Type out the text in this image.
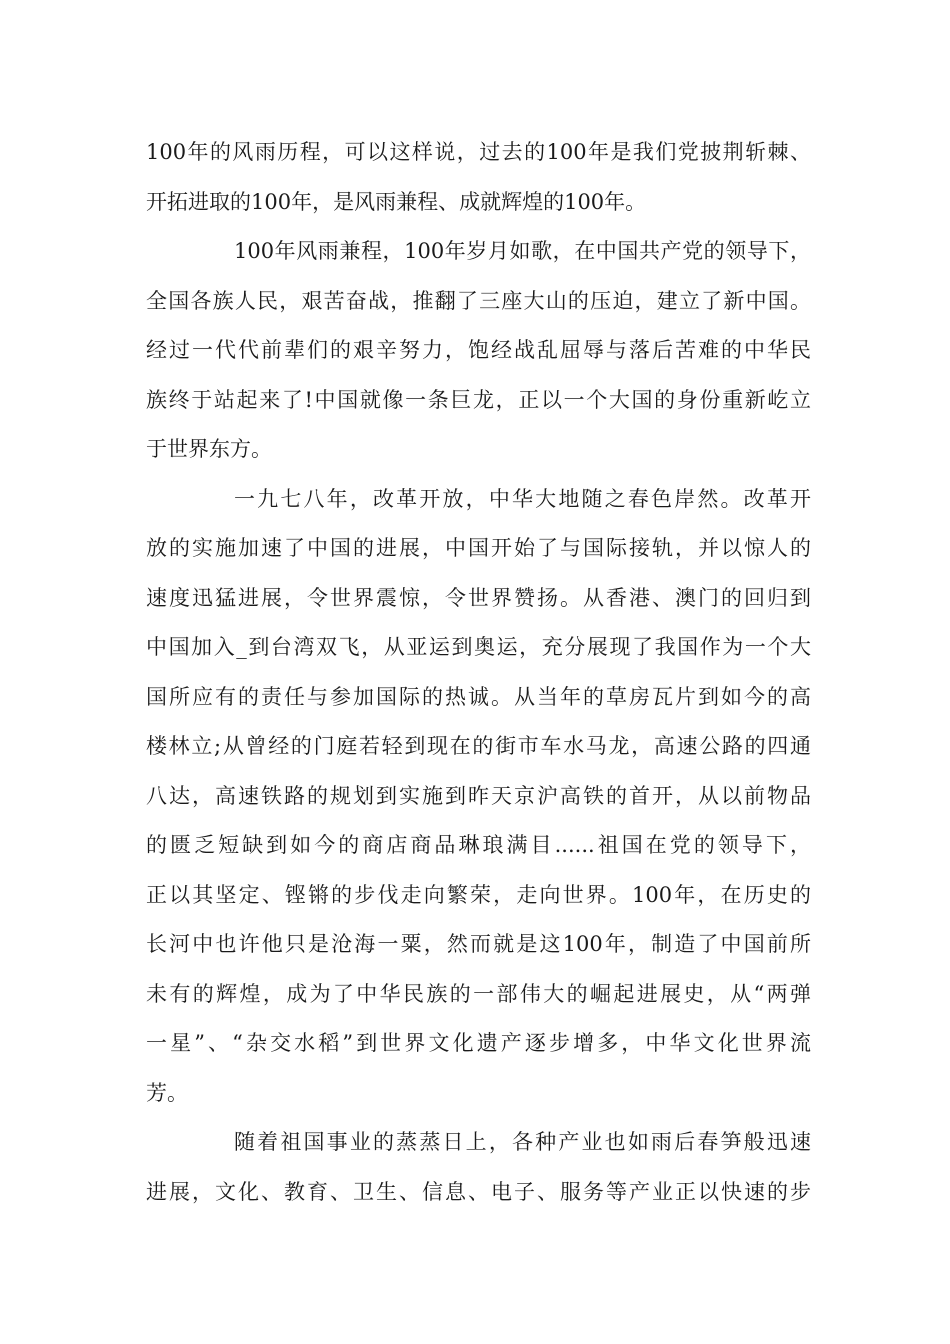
100年的风雨历程，可以这样说，过去的100年是我们党披荆斩棘、
开拓进取的100年，是风雨兼程、成就辉煌的100年。
100年风雨兼程，100年岁月如歌，在中国共产党的领导下，
全国各族人民，艰苦奋战，推翻了三座大山的压迫，建立了新中国。
经过一代代前辈们的艰辛努力，饱经战乱屈辱与落后苦难的中华民
族终于站起来了!中国就像一条巨龙，正以一个大国的身份重新屹立
于世界东方。
一九七八年，改革开放，中华大地随之春色岸然。改革开
放的实施加速了中国的进展，中国开始了与国际接轨，并以惊人的
速度迅猛进展，令世界震惊，令世界赞扬。从香港、澳门的回归到
中国加入_到台湾双飞，从亚运到奥运，充分展现了我国作为一个大
国所应有的责任与参加国际的热诚。从当年的草房瓦片到如今的高
楼林立;从曾经的门庭若轻到现在的街市车水马龙，高速公路的四通
八达，高速铁路的规划到实施到昨天京沪高铁的首开，从以前物品
的匮乏短缺到如今的商店商品琳琅满目......祖国在党的领导下，
正以其坚定、铿锵的步伐走向繁荣，走向世界。100年，在历史的
长河中也许他只是沧海一粟，然而就是这100年，制造了中国前所
未有的辉煌，成为了中华民族的一部伟大的崛起进展史，从“两弹
一星”、“杂交水稻”到世界文化遗产逐步增多，中华文化世界流
芳。
随着祖国事业的蒸蒸日上，各种产业也如雨后春笋般迅速
进展，文化、教育、卫生、信息、电子、服务等产业正以快速的步
